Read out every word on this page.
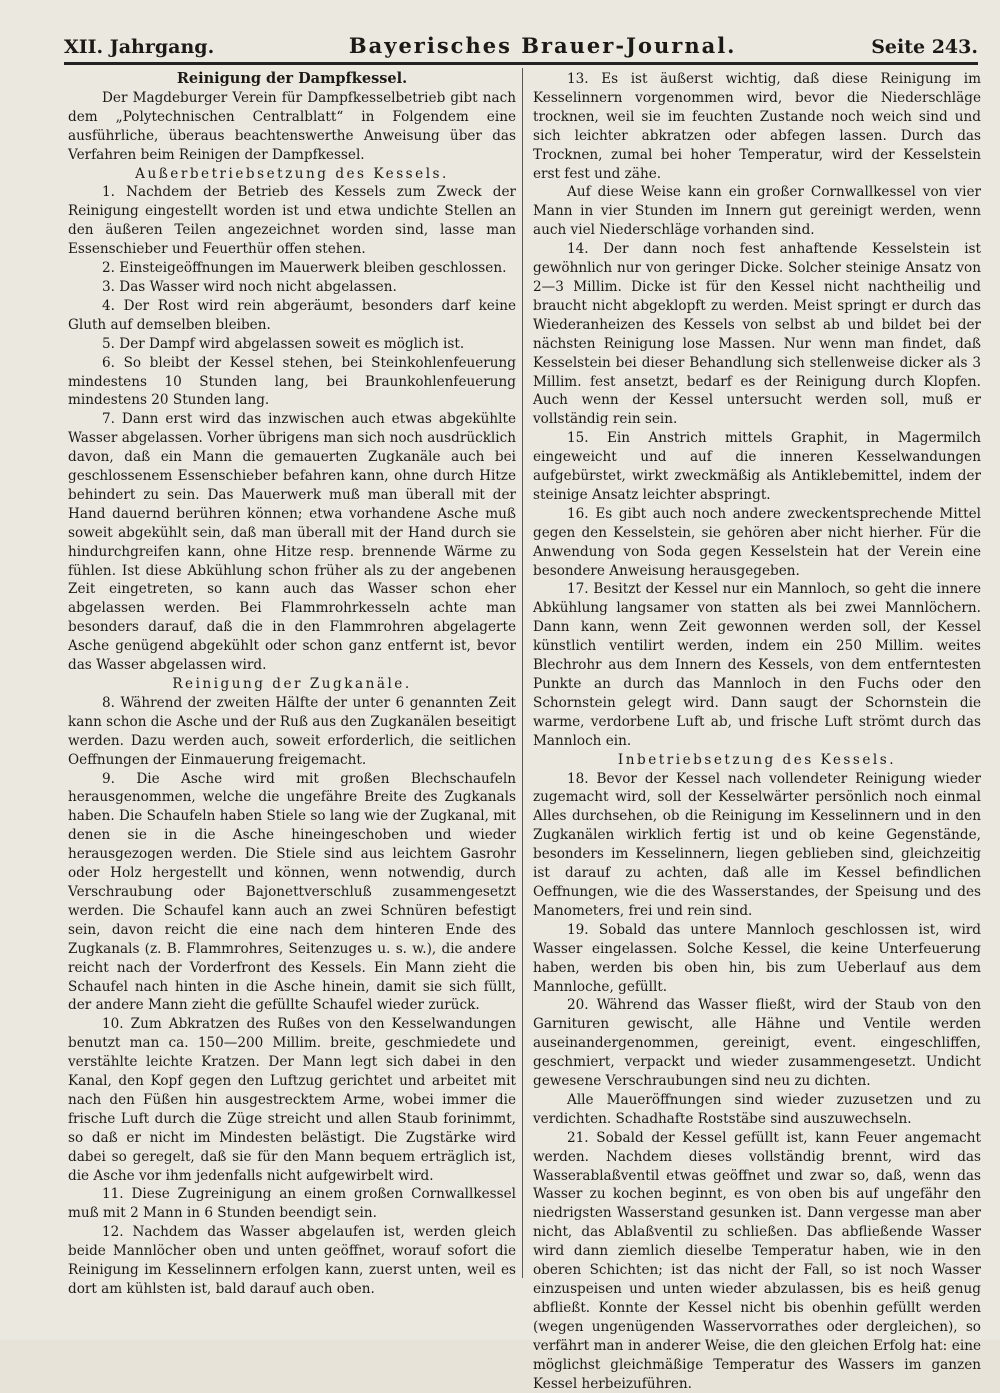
XII. Jahrgang.	Bayerisches Brauer-Journal.	Seite 243.

Reinigung der Dampfkessel.

Der Magdeburger Verein für Dampfkesselbetrieb gibt nach dem „Polytechnischen Centralblatt“ in Folgendem eine ausführliche, überaus beachtenswerthe Anweisung über das Verfahren beim Reinigen der Dampfkessel.

Außerbetriebsetzung des Kessels.

1. Nachdem der Betrieb des Kessels zum Zweck der Reinigung eingestellt worden ist und etwa undichte Stellen an den äußeren Teilen angezeichnet worden sind, lasse man Essenschieber und Feuerthür offen stehen.

2. Einsteigeöffnungen im Mauerwerk bleiben geschlossen.

3. Das Wasser wird noch nicht abgelassen.

4. Der Rost wird rein abgeräumt, besonders darf keine Gluth auf demselben bleiben.

5. Der Dampf wird abgelassen soweit es möglich ist.

6. So bleibt der Kessel stehen, bei Steinkohlenfeuerung mindestens 10 Stunden lang, bei Braunkohlenfeuerung mindestens 20 Stunden lang.

7. Dann erst wird das inzwischen auch etwas abgekühlte Wasser abgelassen. Vorher übrigens man sich noch ausdrücklich davon, daß ein Mann die gemauerten Zugkanäle auch bei geschlossenem Essenschieber befahren kann, ohne durch Hitze behindert zu sein. Das Mauerwerk muß man überall mit der Hand dauernd berühren können; etwa vorhandene Asche muß soweit abgekühlt sein, daß man überall mit der Hand durch sie hindurchgreifen kann, ohne Hitze resp. brennende Wärme zu fühlen. Ist diese Abkühlung schon früher als zu der angebenen Zeit eingetreten, so kann auch das Wasser schon eher abgelassen werden. Bei Flammrohrkesseln achte man besonders darauf, daß die in den Flammrohren abgelagerte Asche genügend abgekühlt oder schon ganz entfernt ist, bevor das Wasser abgelassen wird.

Reinigung der Zugkanäle.

8. Während der zweiten Hälfte der unter 6 genannten Zeit kann schon die Asche und der Ruß aus den Zugkanälen beseitigt werden. Dazu werden auch, soweit erforderlich, die seitlichen Oeffnungen der Einmauerung freigemacht.

9. Die Asche wird mit großen Blechschaufeln herausgenommen, welche die ungefähre Breite des Zugkanals haben. Die Schaufeln haben Stiele so lang wie der Zugkanal, mit denen sie in die Asche hineingeschoben und wieder herausgezogen werden. Die Stiele sind aus leichtem Gasrohr oder Holz hergestellt und können, wenn notwendig, durch Verschraubung oder Bajonettverschluß zusammengesetzt werden. Die Schaufel kann auch an zwei Schnüren befestigt sein, davon reicht die eine nach dem hinteren Ende des Zugkanals (z. B. Flammrohres, Seitenzuges u. s. w.), die andere reicht nach der Vorderfront des Kessels. Ein Mann zieht die Schaufel nach hinten in die Asche hinein, damit sie sich füllt, der andere Mann zieht die gefüllte Schaufel wieder zurück.

10. Zum Abkratzen des Rußes von den Kesselwandungen benutzt man ca. 150—200 Millim. breite, geschmiedete und verstählte leichte Kratzen. Der Mann legt sich dabei in den Kanal, den Kopf gegen den Luftzug gerichtet und arbeitet mit nach den Füßen hin ausgestrecktem Arme, wobei immer die frische Luft durch die Züge streicht und allen Staub forinimmt, so daß er nicht im Mindesten belästigt. Die Zugstärke wird dabei so geregelt, daß sie für den Mann bequem erträglich ist, die Asche vor ihm jedenfalls nicht aufgewirbelt wird.

11. Diese Zugreinigung an einem großen Cornwallkessel muß mit 2 Mann in 6 Stunden beendigt sein.

12. Nachdem das Wasser abgelaufen ist, werden gleich beide Mannlöcher oben und unten geöffnet, worauf sofort die Reinigung im Kesselinnern erfolgen kann, zuerst unten, weil es dort am kühlsten ist, bald darauf auch oben.

13. Es ist äußerst wichtig, daß diese Reinigung im Kesselinnern vorgenommen wird, bevor die Niederschläge trocknen, weil sie im feuchten Zustande noch weich sind und sich leichter abkratzen oder abfegen lassen. Durch das Trocknen, zumal bei hoher Temperatur, wird der Kesselstein erst fest und zähe.

Auf diese Weise kann ein großer Cornwallkessel von vier Mann in vier Stunden im Innern gut gereinigt werden, wenn auch viel Niederschläge vorhanden sind.

14. Der dann noch fest anhaftende Kesselstein ist gewöhnlich nur von geringer Dicke. Solcher steinige Ansatz von 2—3 Millim. Dicke ist für den Kessel nicht nachtheilig und braucht nicht abgeklopft zu werden. Meist springt er durch das Wiederanheizen des Kessels von selbst ab und bildet bei der nächsten Reinigung lose Massen. Nur wenn man findet, daß Kesselstein bei dieser Behandlung sich stellenweise dicker als 3 Millim. fest ansetzt, bedarf es der Reinigung durch Klopfen. Auch wenn der Kessel untersucht werden soll, muß er vollständig rein sein.

15. Ein Anstrich mittels Graphit, in Magermilch eingeweicht und auf die inneren Kesselwandungen aufgebürstet, wirkt zweckmäßig als Antiklebemittel, indem der steinige Ansatz leichter abspringt.

16. Es gibt auch noch andere zweckentsprechende Mittel gegen den Kesselstein, sie gehören aber nicht hierher. Für die Anwendung von Soda gegen Kesselstein hat der Verein eine besondere Anweisung herausgegeben.

17. Besitzt der Kessel nur ein Mannloch, so geht die innere Abkühlung langsamer von statten als bei zwei Mannlöchern. Dann kann, wenn Zeit gewonnen werden soll, der Kessel künstlich ventilirt werden, indem ein 250 Millim. weites Blechrohr aus dem Innern des Kessels, von dem entferntesten Punkte an durch das Mannloch in den Fuchs oder den Schornstein gelegt wird. Dann saugt der Schornstein die warme, verdorbene Luft ab, und frische Luft strömt durch das Mannloch ein.

Inbetriebsetzung des Kessels.

18. Bevor der Kessel nach vollendeter Reinigung wieder zugemacht wird, soll der Kesselwärter persönlich noch einmal Alles durchsehen, ob die Reinigung im Kesselinnern und in den Zugkanälen wirklich fertig ist und ob keine Gegenstände, besonders im Kesselinnern, liegen geblieben sind, gleichzeitig ist darauf zu achten, daß alle im Kessel befindlichen Oeffnungen, wie die des Wasserstandes, der Speisung und des Manometers, frei und rein sind.

19. Sobald das untere Mannloch geschlossen ist, wird Wasser eingelassen. Solche Kessel, die keine Unterfeuerung haben, werden bis oben hin, bis zum Ueberlauf aus dem Mannloche, gefüllt.

20. Während das Wasser fließt, wird der Staub von den Garnituren gewischt, alle Hähne und Ventile werden auseinandergenommen, gereinigt, event. eingeschliffen, geschmiert, verpackt und wieder zusammengesetzt. Undicht gewesene Verschraubungen sind neu zu dichten.

Alle Maueröffnungen sind wieder zuzusetzen und zu verdichten. Schadhafte Roststäbe sind auszuwechseln.

21. Sobald der Kessel gefüllt ist, kann Feuer angemacht werden. Nachdem dieses vollständig brennt, wird das Wasserablaßventil etwas geöffnet und zwar so, daß, wenn das Wasser zu kochen beginnt, es von oben bis auf ungefähr den niedrigsten Wasserstand gesunken ist. Dann vergesse man aber nicht, das Ablaßventil zu schließen. Das abfließende Wasser wird dann ziemlich dieselbe Temperatur haben, wie in den oberen Schichten; ist das nicht der Fall, so ist noch Wasser einzuspeisen und unten wieder abzulassen, bis es heiß genug abfließt. Konnte der Kessel nicht bis obenhin gefüllt werden (wegen ungenügenden Wasservorrathes oder dergleichen), so verfährt man in anderer Weise, die den gleichen Erfolg hat: eine möglichst gleichmäßige Temperatur des Wassers im ganzen Kessel herbeizuführen.
